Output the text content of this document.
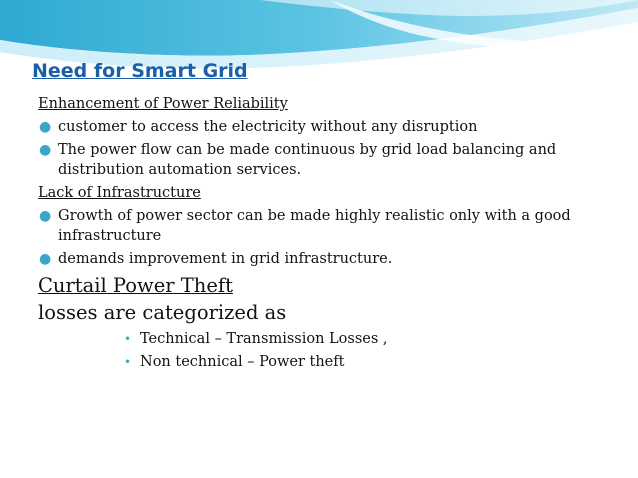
Need for Smart Grid

Enhancement of Power Reliability

● customer to access the electricity without any disruption
● The power flow can be made continuous by grid load balancing and distribution automation services.

Lack of Infrastructure

● Growth of power sector can be made highly realistic only with a good infrastructure
● demands improvement in grid infrastructure.

Curtail Power Theft

losses are categorized as

• Technical – Transmission Losses ,
• Non technical – Power theft
